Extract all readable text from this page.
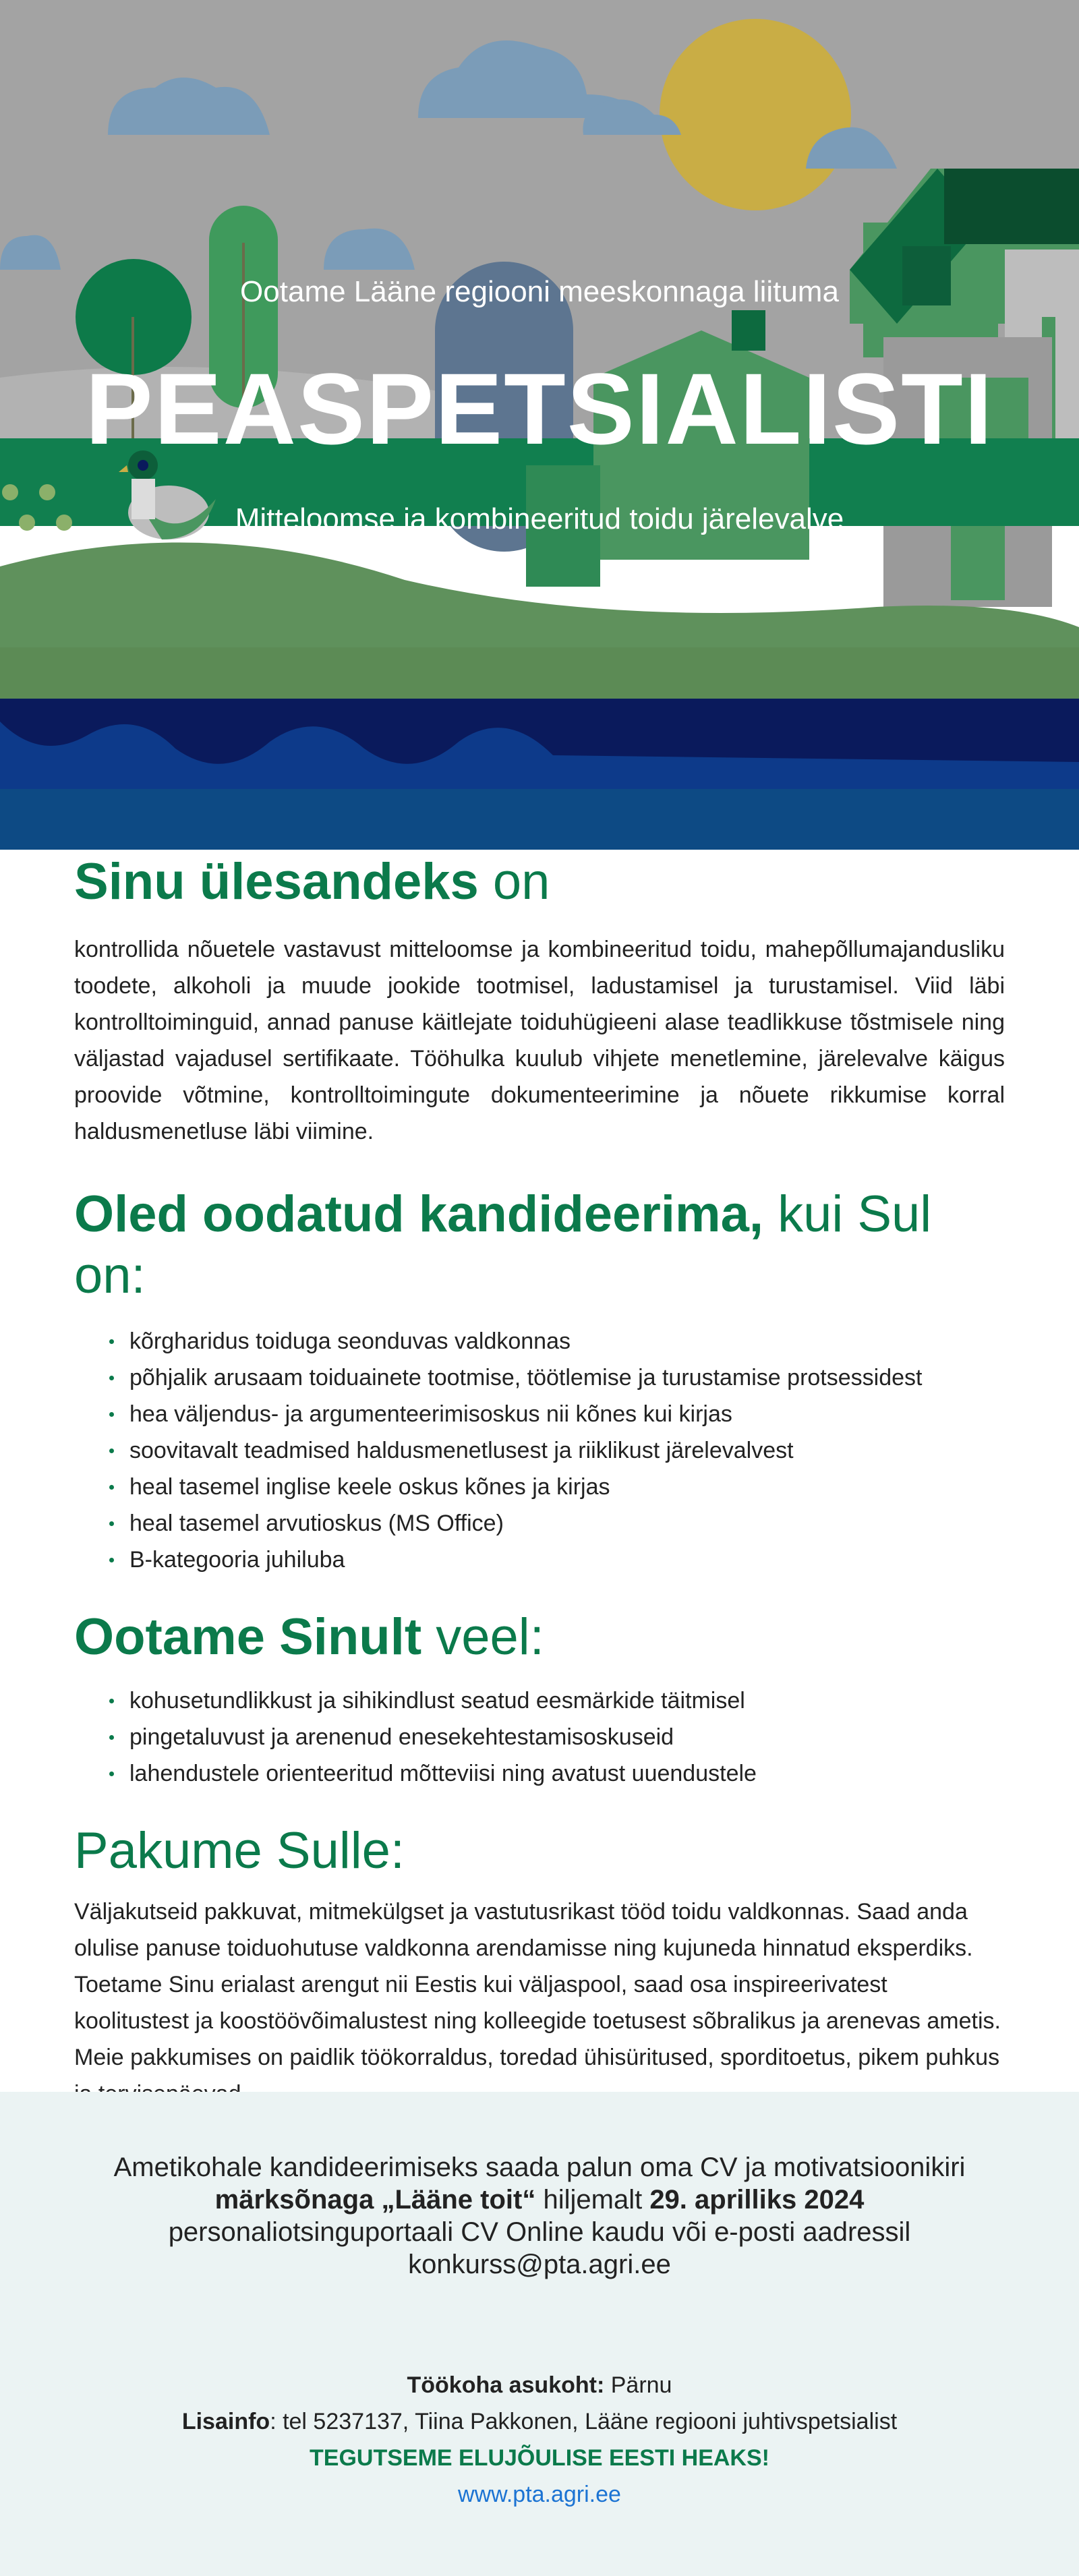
Ootame Lääne regiooni meeskonnaga liituma
PEASPETSIALISTI
Mitteloomse ja kombineeritud toidu järelevalve
Sinu ülesandeks on

kontrollida nõuetele vastavust mitteloomse ja kombineeritud toidu, mahepõllumajandusliku toodete, alkoholi ja muude jookide tootmisel, ladustamisel ja turustamisel. Viid läbi kontrolltoiminguid, annad panuse käitlejate toiduhügieeni alase teadlikkuse tõstmisele ning väljastad vajadusel sertifikaate. Tööhulka kuulub vihjete menetlemine, järelevalve käigus proovide võtmine, kontrolltoimingute dokumenteerimine ja nõuete rikkumise korral haldusmenetluse läbi viimine.

Oled oodatud kandideerima, kui Sul on:
kõrgharidus toiduga seonduvas valdkonnas
põhjalik arusaam toiduainete tootmise, töötlemise ja turustamise protsessidest
hea väljendus- ja argumenteerimisoskus nii kõnes kui kirjas
soovitavalt teadmised haldusmenetlusest ja riiklikust järelevalvest
heal tasemel inglise keele oskus kõnes ja kirjas
heal tasemel arvutioskus (MS Office)
B-kategooria juhiluba
Ootame Sinult veel:
kohusetundlikkust ja sihikindlust seatud eesmärkide täitmisel
pingetaluvust ja arenenud enesekehtestamisoskuseid
lahendustele orienteeritud mõtteviisi ning avatust uuendustele
Pakume Sulle:

Väljakutseid pakkuvat, mitmekülgset ja vastutusrikast tööd toidu valdkonnas. Saad anda olulise panuse toiduohutuse valdkonna arendamisse ning kujuneda hinnatud eksperdiks.

Toetame Sinu erialast arengut nii Eestis kui väljaspool, saad osa inspireerivatest koolitustest ja koostöövõimalustest ning kolleegide toetusest sõbralikus ja arenevas ametis.

Meie pakkumises on paidlik töökorraldus, toredad ühisüritused, sporditoetus, pikem puhkus

Ametikohale kandideerimiseks saada palun oma CV ja motivatsioonikiri
märksõnaga „Lääne toit“ hiljemalt 29. aprilliks 2024
personaliotsinguportaali CV Online kaudu või e-posti aadressil
konkurss@pta.agri.ee
Töökoha asukoht: Pärnu
Lisainfo: tel 5237137, Tiina Pakkonen, Lääne regiooni juhtivspetsialist
TEGUTSEME ELUJÕULISE EESTI HEAKS!
www.pta.agri.ee
